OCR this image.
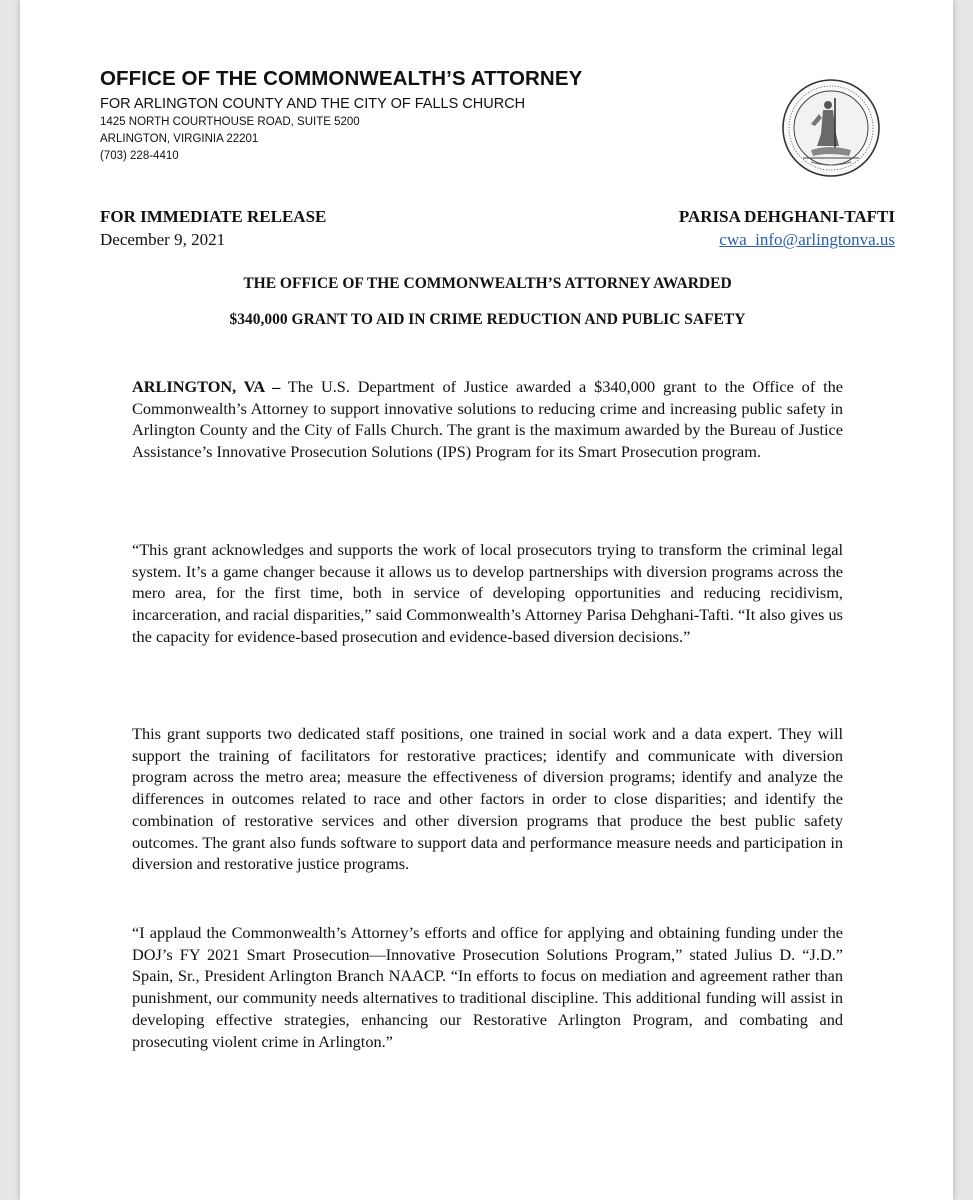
OFFICE OF THE COMMONWEALTH’S ATTORNEY
FOR ARLINGTON COUNTY AND THE CITY OF FALLS CHURCH
1425 NORTH COURTHOUSE ROAD, SUITE 5200
ARLINGTON, VIRGINIA 22201
(703) 228-4410
FOR IMMEDIATE RELEASE
December 9, 2021
PARISA DEHGHANI-TAFTI
cwa_info@arlingtonva.us
THE OFFICE OF THE COMMONWEALTH’S ATTORNEY AWARDED
$340,000 GRANT TO AID IN CRIME REDUCTION AND PUBLIC SAFETY
ARLINGTON, VA – The U.S. Department of Justice awarded a $340,000 grant to the Office of the Commonwealth’s Attorney to support innovative solutions to reducing crime and increasing public safety in Arlington County and the City of Falls Church. The grant is the maximum awarded by the Bureau of Justice Assistance’s Innovative Prosecution Solutions (IPS) Program for its Smart Prosecution program.
“This grant acknowledges and supports the work of local prosecutors trying to transform the criminal legal system. It’s a game changer because it allows us to develop partnerships with diversion programs across the mero area, for the first time, both in service of developing opportunities and reducing recidivism, incarceration, and racial disparities,” said Commonwealth’s Attorney Parisa Dehghani-Tafti. “It also gives us the capacity for evidence-based prosecution and evidence-based diversion decisions.”
This grant supports two dedicated staff positions, one trained in social work and a data expert. They will support the training of facilitators for restorative practices; identify and communicate with diversion program across the metro area; measure the effectiveness of diversion programs; identify and analyze the differences in outcomes related to race and other factors in order to close disparities; and identify the combination of restorative services and other diversion programs that produce the best public safety outcomes. The grant also funds software to support data and performance measure needs and participation in diversion and restorative justice programs.
“I applaud the Commonwealth’s Attorney’s efforts and office for applying and obtaining funding under the DOJ’s FY 2021 Smart Prosecution—Innovative Prosecution Solutions Program,” stated Julius D. “J.D.” Spain, Sr., President Arlington Branch NAACP. “In efforts to focus on mediation and agreement rather than punishment, our community needs alternatives to traditional discipline. This additional funding will assist in developing effective strategies, enhancing our Restorative Arlington Program, and combating and prosecuting violent crime in Arlington.”
